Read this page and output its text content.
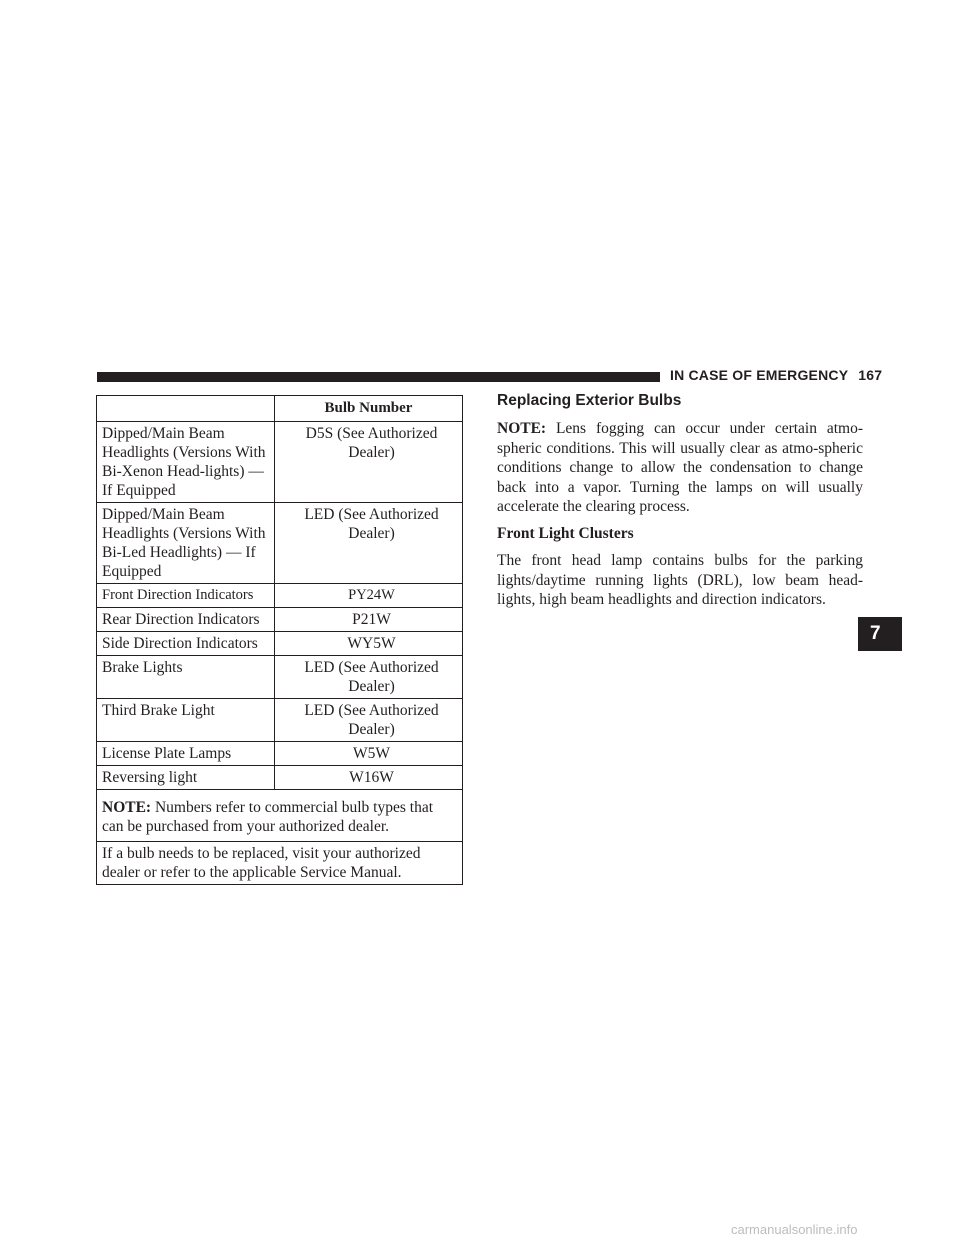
IN CASE OF EMERGENCY 167
	Bulb Number
Dipped/Main Beam Headlights (Versions With Bi-Xenon Head-lights) — If Equipped	D5S (See Authorized Dealer)
Dipped/Main Beam Headlights (Versions With Bi-Led Headlights) — If Equipped	LED (See Authorized Dealer)
Front Direction Indicators	PY24W
Rear Direction Indicators	P21W
Side Direction Indicators	WY5W
Brake Lights	LED (See Authorized Dealer)
Third Brake Light	LED (See Authorized Dealer)
License Plate Lamps	W5W
Reversing light	W16W
NOTE: Numbers refer to commercial bulb types that can be purchased from your authorized dealer.	
If a bulb needs to be replaced, visit your authorized dealer or refer to the applicable Service Manual.	
Replacing Exterior Bulbs

NOTE: Lens fogging can occur under certain atmo-spheric conditions. This will usually clear as atmo-spheric conditions change to allow the condensation to change back into a vapor. Turning the lamps on will usually accelerate the clearing process.

Front Light Clusters

The front head lamp contains bulbs for the parking lights/daytime running lights (DRL), low beam head-lights, high beam headlights and direction indicators.

7
carmanualsonline.info
